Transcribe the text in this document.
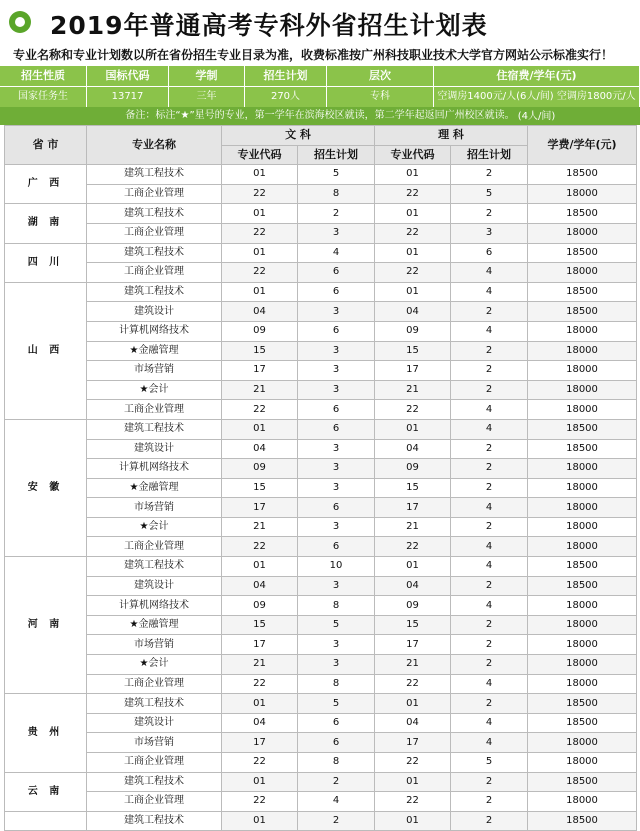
2019年普通高考专科外省招生计划表
专业名称和专业计划数以所在省份招生专业目录为准，收费标准按广州科技职业技术大学官方网站公示标准实行！
招生性质	国标代码	学制	招生计划	层次	住宿费/学年(元)
国家任务生	13717	三年	270人	专科	空调房1400元/人(6人/间) 空调房1800元/人(4人/间)
备注：标注“★”星号的专业，第一学年在滨海校区就读，第二学年起返回广州校区就读。
省 市	专业名称	文 科		理 科		学费/学年(元)
		专业代码	招生计划	专业代码	招生计划	
广 西	建筑工程技术	01	5	01	2	18500
	工商企业管理	22	8	22	5	18000
湖 南	建筑工程技术	01	2	01	2	18500
	工商企业管理	22	3	22	3	18000
四 川	建筑工程技术	01	4	01	6	18500
	工商企业管理	22	6	22	4	18000
山 西	建筑工程技术	01	6	01	4	18500
	建筑设计	04	3	04	2	18500
	计算机网络技术	09	6	09	4	18000
	★金融管理	15	3	15	2	18000
	市场营销	17	3	17	2	18000
	★会计	21	3	21	2	18000
	工商企业管理	22	6	22	4	18000
安 徽	建筑工程技术	01	6	01	4	18500
	建筑设计	04	3	04	2	18500
	计算机网络技术	09	3	09	2	18000
	★金融管理	15	3	15	2	18000
	市场营销	17	6	17	4	18000
	★会计	21	3	21	2	18000
	工商企业管理	22	6	22	4	18000
河 南	建筑工程技术	01	10	01	4	18500
	建筑设计	04	3	04	2	18500
	计算机网络技术	09	8	09	4	18000
	★金融管理	15	5	15	2	18000
	市场营销	17	3	17	2	18000
	★会计	21	3	21	2	18000
	工商企业管理	22	8	22	4	18000
贵 州	建筑工程技术	01	5	01	2	18500
	建筑设计	04	6	04	4	18500
	市场营销	17	6	17	4	18000
	工商企业管理	22	8	22	5	18000
云 南	建筑工程技术	01	2	01	2	18500
	工商企业管理	22	4	22	2	18000
	建筑工程技术	01	2	01	2	18500
